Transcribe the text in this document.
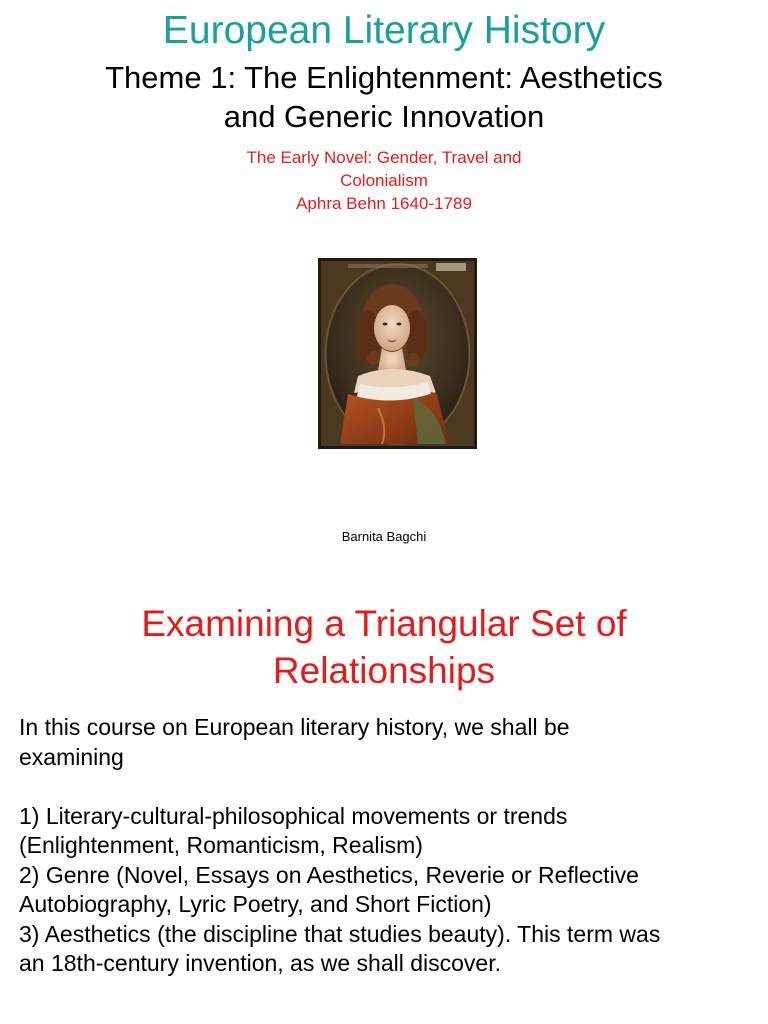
European Literary History
Theme 1: The Enlightenment: Aesthetics
and Generic Innovation
The Early Novel: Gender, Travel and
Colonialism
Aphra Behn 1640-1789
Barnita Bagchi
Examining a Triangular Set of
Relationships
In this course on European literary history, we shall be
examining
1) Literary-cultural-philosophical movements or trends
(Enlightenment, Romanticism, Realism)
2) Genre (Novel, Essays on Aesthetics, Reverie or Reflective
Autobiography, Lyric Poetry, and Short Fiction)
3) Aesthetics (the discipline that studies beauty). This term was
an 18th-century invention, as we shall discover.
